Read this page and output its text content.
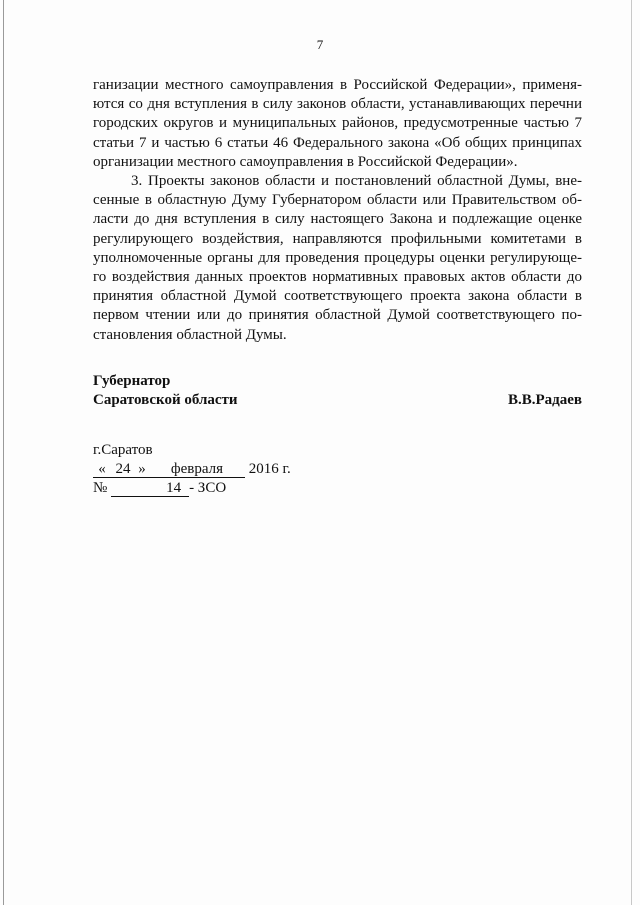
7
ганизации местного самоуправления в Российской Федерации», применя-
ются со дня вступления в силу законов области, устанавливающих перечни
городских округов и муниципальных районов, предусмотренные частью 7
статьи 7 и частью 6 статьи 46 Федерального закона «Об общих принципах
организации местного самоуправления в Российской Федерации».
3. Проекты законов области и постановлений областной Думы, вне-
сенные в областную Думу Губернатором области или Правительством об-
ласти до дня вступления в силу настоящего Закона и подлежащие оценке
регулирующего воздействия, направляются профильными комитетами в
уполномоченные органы для проведения процедуры оценки регулирующе-
го воздействия данных проектов нормативных правовых актов области до
принятия областной Думой соответствующего проекта закона области в
первом чтении или до принятия областной Думой соответствующего по-
становления областной Думы.
Губернатор
Саратовской области	В.В.Радаев
г.Саратов
« 24 » февраля 2016 г.
№	14 - ЗСО
